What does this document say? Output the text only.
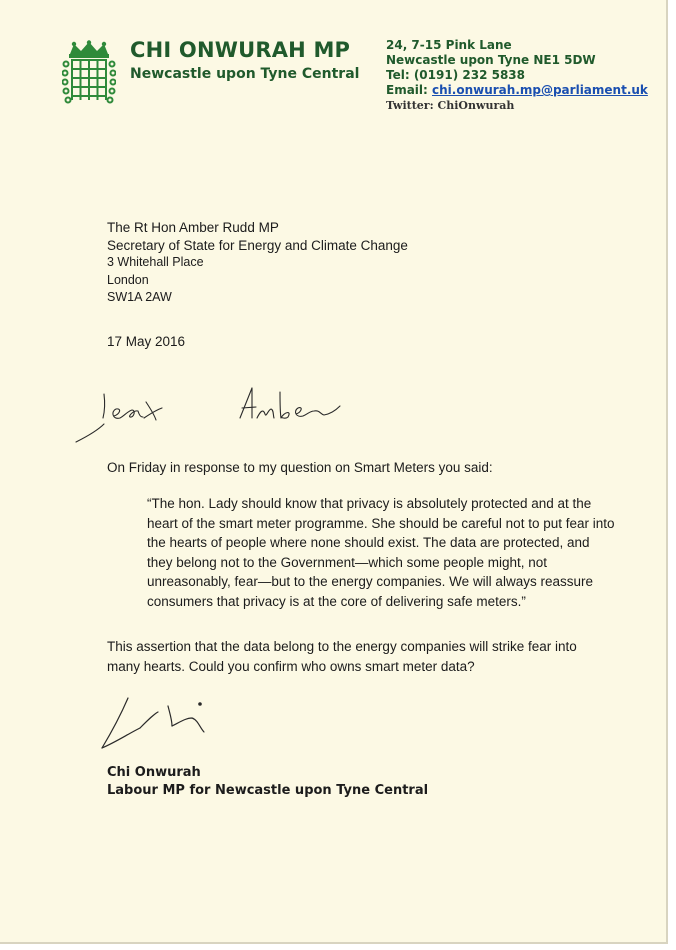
CHI ONWURAH MP
Newcastle upon Tyne Central
24, 7-15 Pink Lane
Newcastle upon Tyne NE1 5DW
Tel: (0191) 232 5838
Email: chi.onwurah.mp@parliament.uk
Twitter: ChiOnwurah
The Rt Hon Amber Rudd MP
Secretary of State for Energy and Climate Change
3 Whitehall Place
London
SW1A 2AW
17 May 2016
Dear Amber
On Friday in response to my question on Smart Meters you said:

“The hon. Lady should know that privacy is absolutely protected and at the heart of the smart meter programme. She should be careful not to put fear into the hearts of people where none should exist. The data are protected, and they belong not to the Government—which some people might, not unreasonably, fear—but to the energy companies. We will always reassure consumers that privacy is at the core of delivering safe meters.”

This assertion that the data belong to the energy companies will strike fear into many hearts. Could you confirm who owns smart meter data?
Chi Onwurah
Labour MP for Newcastle upon Tyne Central
